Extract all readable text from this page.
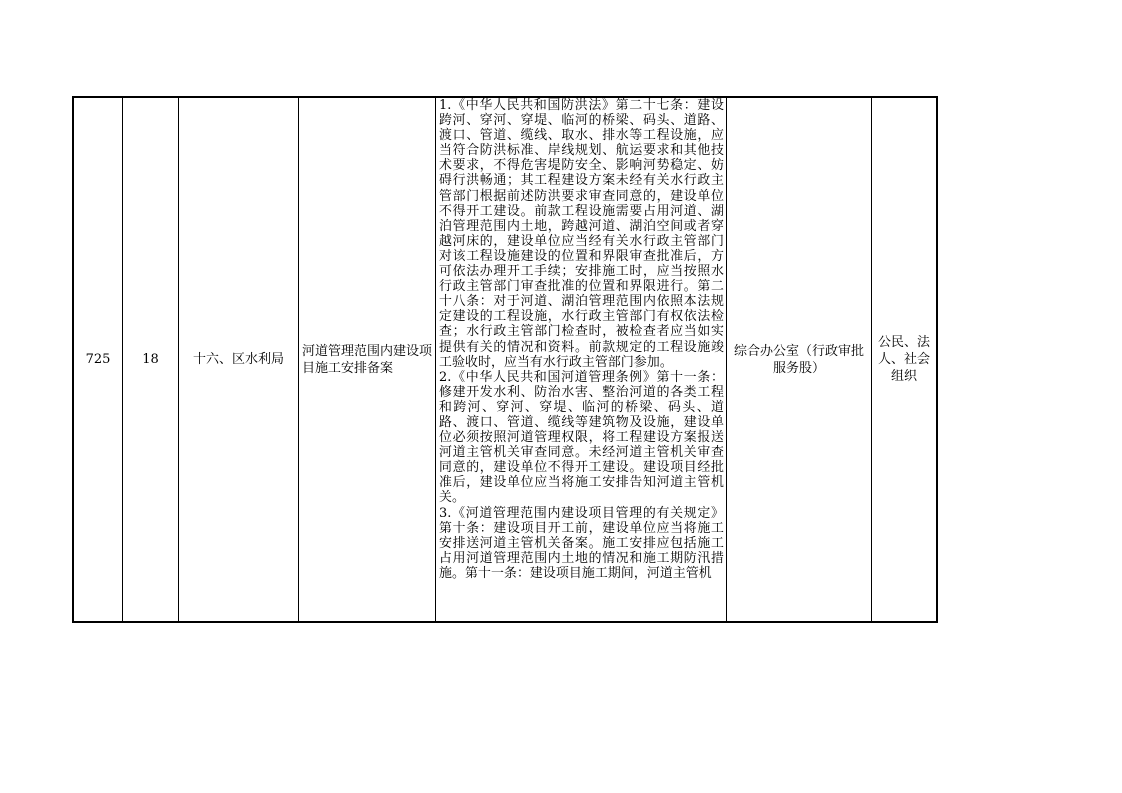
725 18	十六、区水利局
河道管理范围内建设项目施工安排备案

1.《中华人民共和国防洪法》第二十七条：建设跨河、穿河、穿堤、临河的桥梁、码头、道路、渡口、管道、缆线、取水、排水等工程设施，应当符合防洪标准、岸线规划、航运要求和其他技术要求，不得危害堤防安全、影响河势稳定、妨碍行洪畅通；其工程建设方案未经有关水行政主管部门根据前述防洪要求审查同意的，建设单位不得开工建设。前款工程设施需要占用河道、湖泊管理范围内土地，跨越河道、湖泊空间或者穿越河床的，建设单位应当经有关水行政主管部门对该工程设施建设的位置和界限审查批准后，方可依法办理开工手续；安排施工时，应当按照水行政主管部门审查批准的位置和界限进行。第二十八条：对于河道、湖泊管理范围内依照本法规定建设的工程设施，水行政主管部门有权依法检查；水行政主管部门检查时，被检查者应当如实提供有关的情况和资料。前款规定的工程设施竣工验收时，应当有水行政主管部门参加。

2.《中华人民共和国河道管理条例》第十一条：修建开发水利、防治水害、整治河道的各类工程和跨河、穿河、穿堤、临河的桥梁、码头、道路、渡口、管道、缆线等建筑物及设施，建设单位必须按照河道管理权限，将工程建设方案报送河道主管机关审查同意。未经河道主管机关审查同意的，建设单位不得开工建设。建设项目经批准后，建设单位应当将施工安排告知河道主管机关。

3.《河道管理范围内建设项目管理的有关规定》第十条：建设项目开工前，建设单位应当将施工安排送河道主管机关备案。施工安排应包括施工占用河道管理范围内土地的情况和施工期防汛措施。第十一条：建设项目施工期间，河道主管机

综合办公室（行政审批服务股）
公民、法人、社会组织
